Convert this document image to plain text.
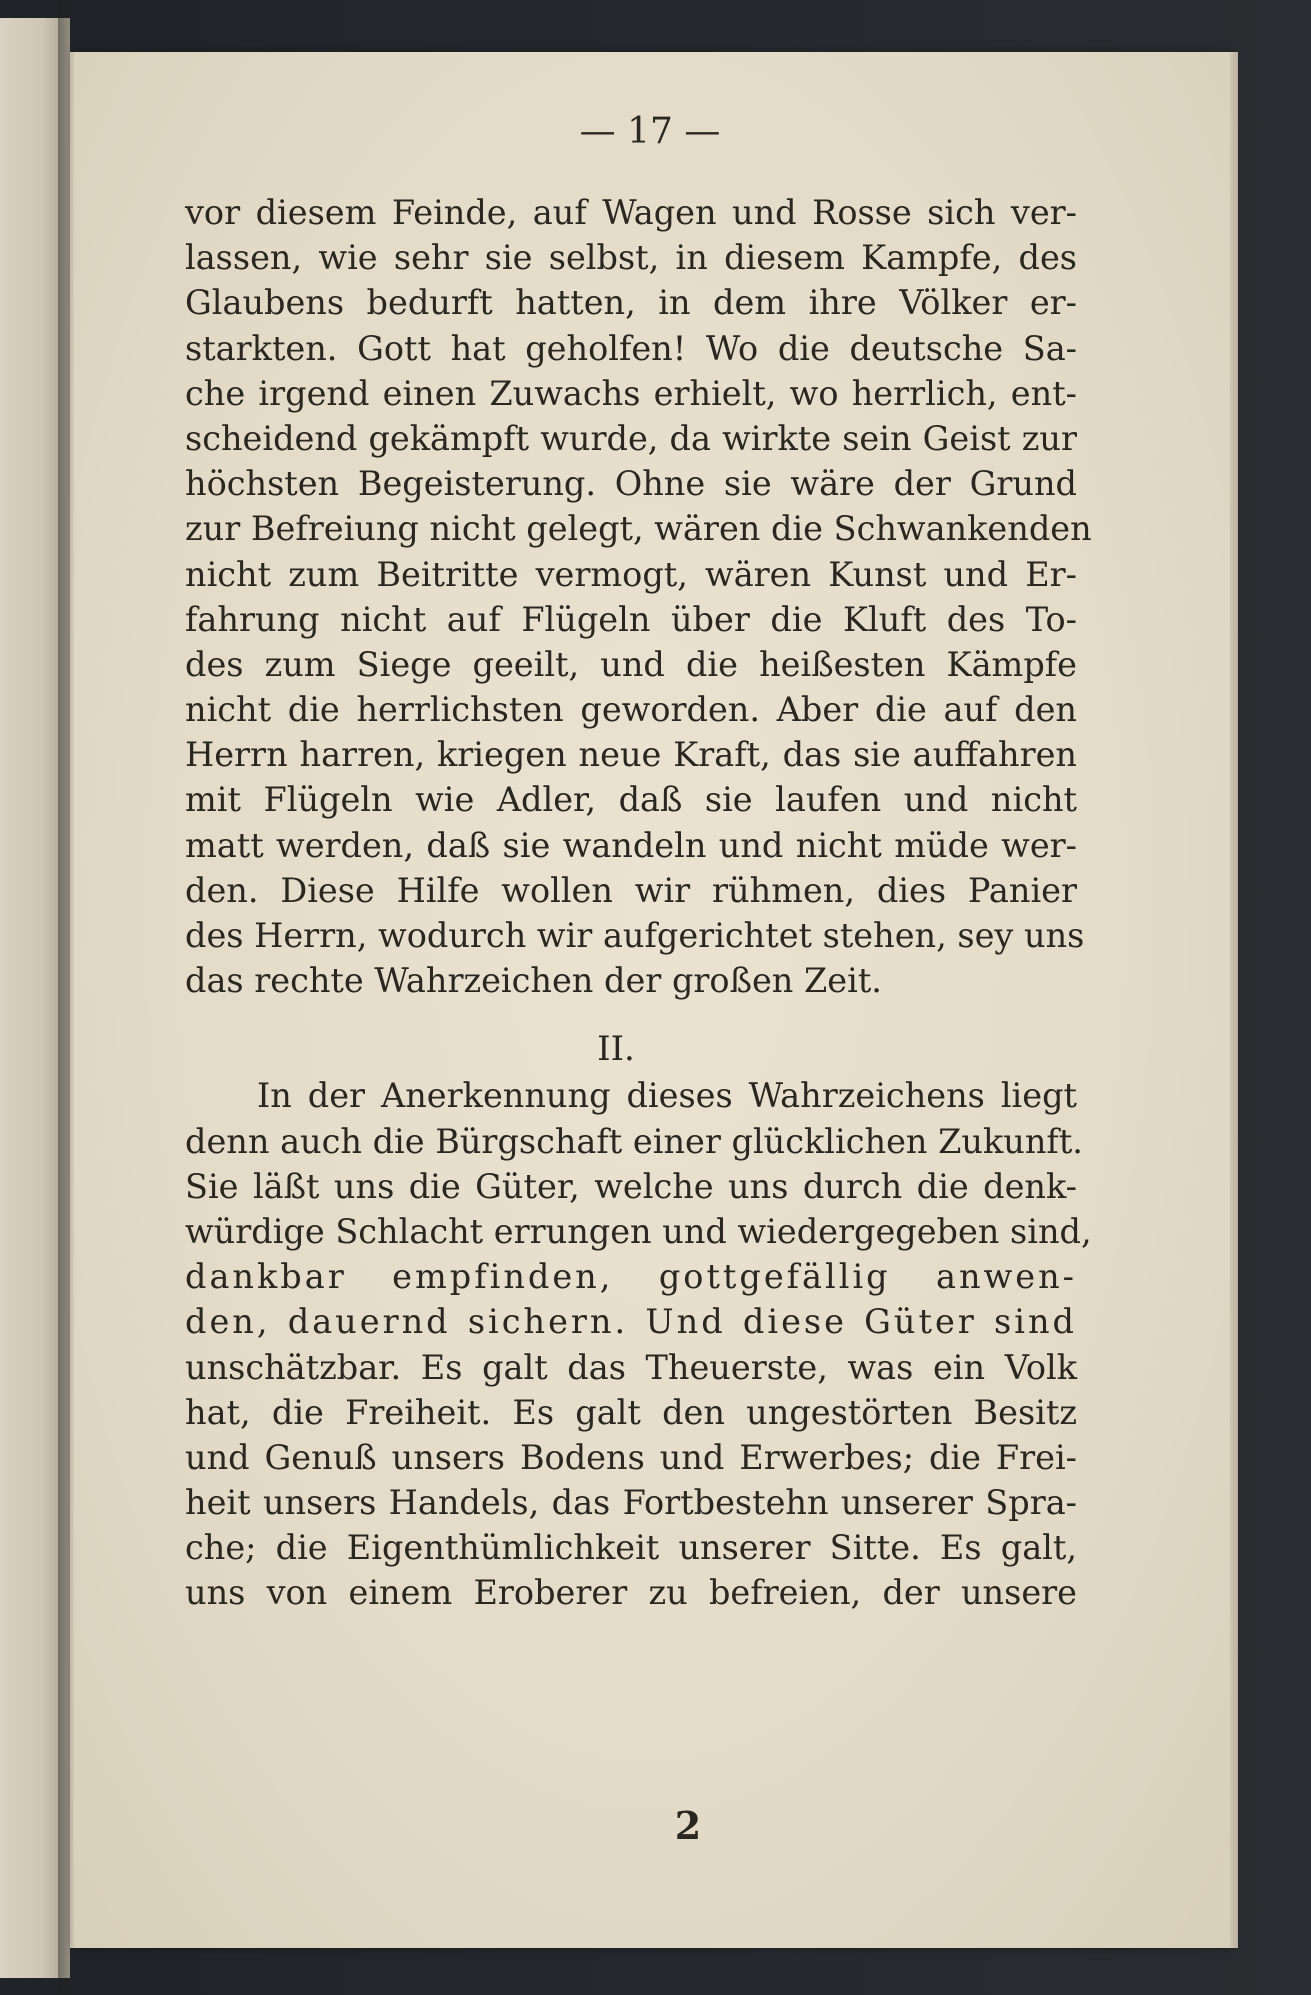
— 17 —
vor diesem Feinde, auf Wagen und Rosse sich ver-
lassen, wie sehr sie selbst, in diesem Kampfe, des
Glaubens bedurft hatten, in dem ihre Völker er-
starkten. Gott hat geholfen! Wo die deutsche Sa-
che irgend einen Zuwachs erhielt, wo herrlich, ent-
scheidend gekämpft wurde, da wirkte sein Geist zur
höchsten Begeisterung. Ohne sie wäre der Grund
zur Befreiung nicht gelegt, wären die Schwankenden
nicht zum Beitritte vermogt, wären Kunst und Er-
fahrung nicht auf Flügeln über die Kluft des To-
des zum Siege geeilt, und die heißesten Kämpfe
nicht die herrlichsten geworden. Aber die auf den
Herrn harren, kriegen neue Kraft, das sie auffahren
mit Flügeln wie Adler, daß sie laufen und nicht
matt werden, daß sie wandeln und nicht müde wer-
den. Diese Hilfe wollen wir rühmen, dies Panier
des Herrn, wodurch wir aufgerichtet stehen, sey uns
das rechte Wahrzeichen der großen Zeit.
II.
In der Anerkennung dieses Wahrzeichens liegt
denn auch die Bürgschaft einer glücklichen Zukunft.
Sie läßt uns die Güter, welche uns durch die denk-
würdige Schlacht errungen und wiedergegeben sind,
dankbar empfinden, gottgefällig anwen-
den, dauernd sichern. Und diese Güter sind
unschätzbar. Es galt das Theuerste, was ein Volk
hat, die Freiheit. Es galt den ungestörten Besitz
und Genuß unsers Bodens und Erwerbes; die Frei-
heit unsers Handels, das Fortbestehn unserer Spra-
che; die Eigenthümlichkeit unserer Sitte. Es galt,
uns von einem Eroberer zu befreien, der unsere
2
